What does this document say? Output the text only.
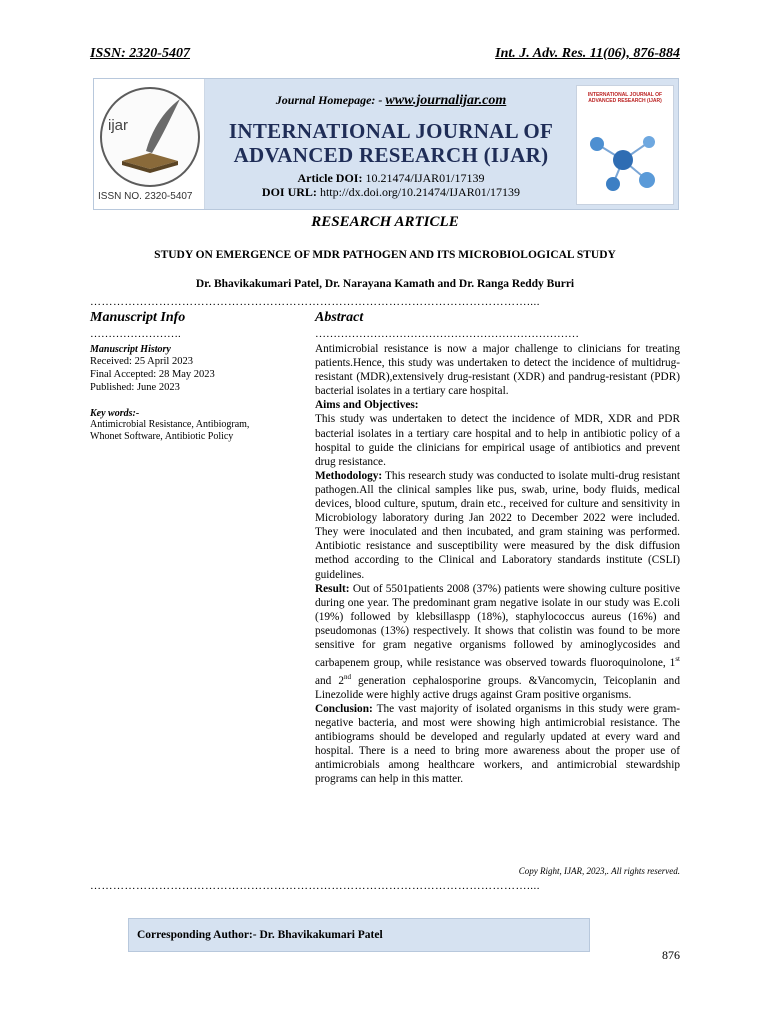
ISSN: 2320-5407	Int. J. Adv. Res. 11(06), 876-884
ijar
ISSN NO. 2320-5407
Journal Homepage: - www.journalijar.com
INTERNATIONAL JOURNAL OF
ADVANCED RESEARCH (IJAR)
Article DOI: 10.21474/IJAR01/17139
DOI URL: http://dx.doi.org/10.21474/IJAR01/17139
INTERNATIONAL JOURNAL OF ADVANCED RESEARCH (IJAR)
RESEARCH ARTICLE
STUDY ON EMERGENCE OF MDR PATHOGEN AND ITS MICROBIOLOGICAL STUDY
Dr. Bhavikakumari Patel, Dr. Narayana Kamath and Dr. Ranga Reddy Burri
……………………………………………………………………………………………………....
Manuscript Info
…………………….
Manuscript History
Received: 25 April 2023
Final Accepted: 28 May 2023
Published: June 2023
Key words:-
Antimicrobial Resistance, Antibiogram,
Whonet Software, Antibiotic Policy
Abstract
………………………………………………………………

Antimicrobial resistance is now a major challenge to clinicians for treating patients.Hence, this study was undertaken to detect the incidence of multidrug-resistant (MDR),extensively drug-resistant (XDR) and pandrug-resistant (PDR) bacterial isolates in a tertiary care hospital.

Aims and Objectives:

This study was undertaken to detect the incidence of MDR, XDR and PDR bacterial isolates in a tertiary care hospital and to help in antibiotic policy of a hospital to guide the clinicians for empirical usage of antibiotics and prevent drug resistance.

Methodology: This research study was conducted to isolate multi-drug resistant pathogen.All the clinical samples like pus, swab, urine, body fluids, medical devices, blood culture, sputum, drain etc., received for culture and sensitivity in Microbiology laboratory during Jan 2022 to December 2022 were included. They were inoculated and then incubated, and gram staining was performed. Antibiotic resistance and susceptibility were measured by the disk diffusion method according to the Clinical and Laboratory standards institute (CSLI) guidelines.

Result: Out of 5501patients 2008 (37%) patients were showing culture positive during one year. The predominant gram negative isolate in our study was E.coli (19%) followed by klebsillaspp (18%), staphylococcus aureus (16%) and pseudomonas (13%) respectively. It shows that colistin was found to be more sensitive for gram negative organisms followed by aminoglycosides and carbapenem group, while resistance was observed towards fluoroquinolone, 1st and 2nd generation cephalosporine groups. &Vancomycin, Teicoplanin and Linezolide were highly active drugs against Gram positive organisms.

Conclusion: The vast majority of isolated organisms in this study were gram-negative bacteria, and most were showing high antimicrobial resistance. The antibiograms should be developed and regularly updated at every ward and hospital. There is a need to bring more awareness about the proper use of antimicrobials among healthcare workers, and antimicrobial stewardship programs can help in this matter.

Copy Right, IJAR, 2023,. All rights reserved.
……………………………………………………………………………………………………....
Corresponding Author:- Dr. Bhavikakumari Patel
876
